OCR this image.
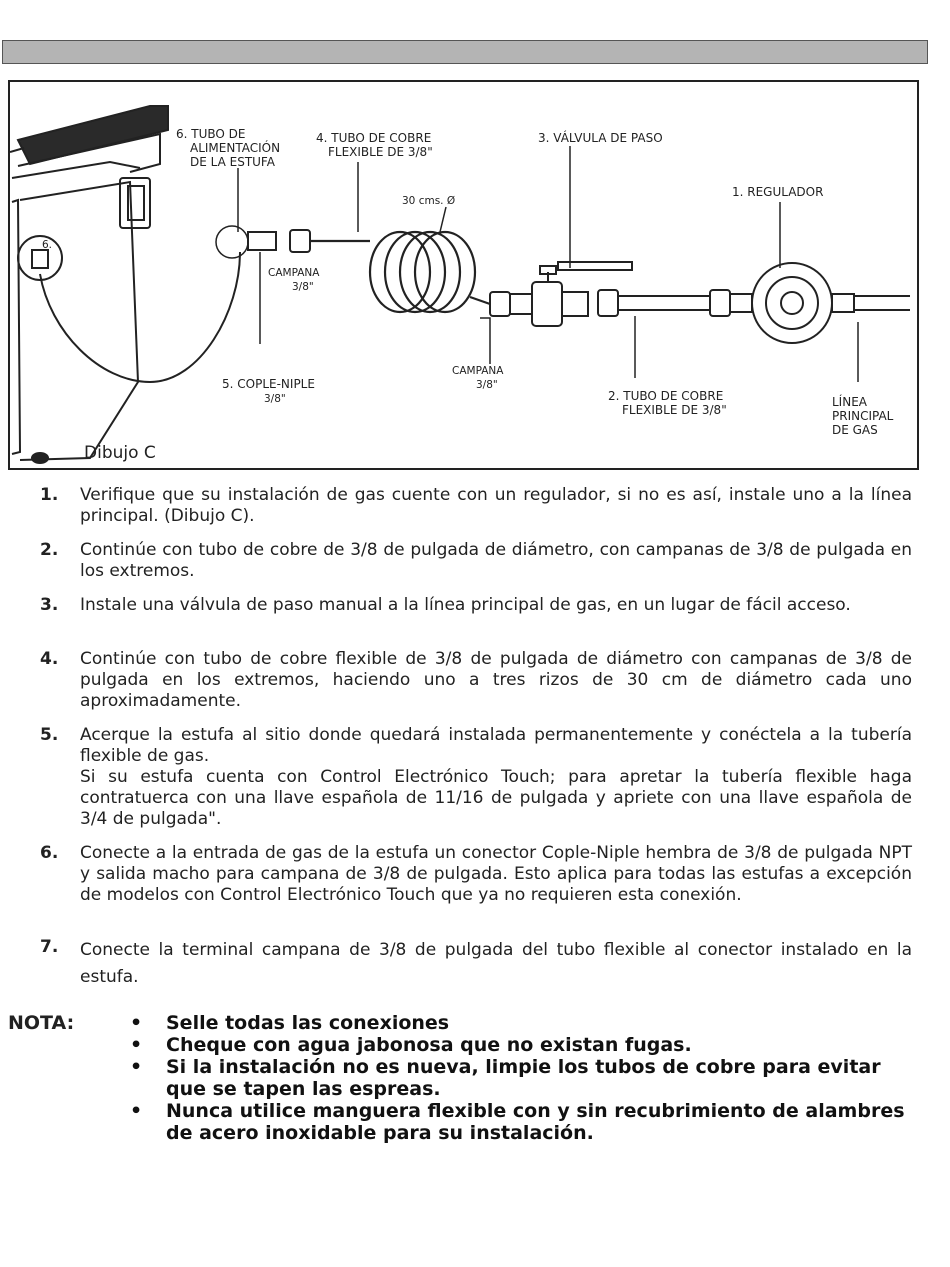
6. TUBO DE
ALIMENTACIÓN
DE LA ESTUFA
4. TUBO DE COBRE
FLEXIBLE DE 3/8"
3. VÁLVULA DE PASO
30 cms. Ø
1. REGULADOR
6.
CAMPANA
3/8"
5. COPLE-NIPLE
3/8"
CAMPANA
3/8"
2. TUBO DE COBRE
FLEXIBLE DE 3/8"
LÍNEA
PRINCIPAL
DE GAS
Dibujo C
1. Verifique que su instalación de gas cuente con un regulador, si no es así, instale uno a la línea principal. (Dibujo C).
2. Continúe con tubo de cobre de 3/8 de pulgada de diámetro, con campanas de 3/8 de pulgada en los extremos.
3. Instale una válvula de paso manual a la línea principal de gas, en un lugar de fácil acceso.
4. Continúe con tubo de cobre flexible de 3/8 de pulgada de diámetro con campanas de 3/8 de pulgada en los extremos, haciendo uno a tres rizos de 30 cm de diámetro cada uno aproximadamente.
5. Acerque la estufa al sitio donde quedará instalada permanentemente y conéctela a la tubería flexible de gas.
Si su estufa cuenta con Control Electrónico Touch; para apretar la tubería flexible haga contratuerca con una llave española de 11/16 de pulgada y apriete con una llave española de 3/4 de pulgada".
6. Conecte a la entrada de gas de la estufa un conector Cople-Niple hembra de 3/8 de pulgada NPT y salida macho para campana de 3/8 de pulgada. Esto aplica para todas las estufas a excepción de modelos con Control Electrónico Touch que ya no requieren esta conexión.
7. Conecte la terminal campana de 3/8 de pulgada del tubo flexible al conector instalado en la estufa.
NOTA:	• Selle todas las conexiones
• Cheque con agua jabonosa que no existan fugas.
• Si la instalación no es nueva, limpie los tubos de cobre para evitar que se tapen las espreas.
• Nunca utilice manguera flexible con y sin recubrimiento de alambres de acero inoxidable para su instalación.
